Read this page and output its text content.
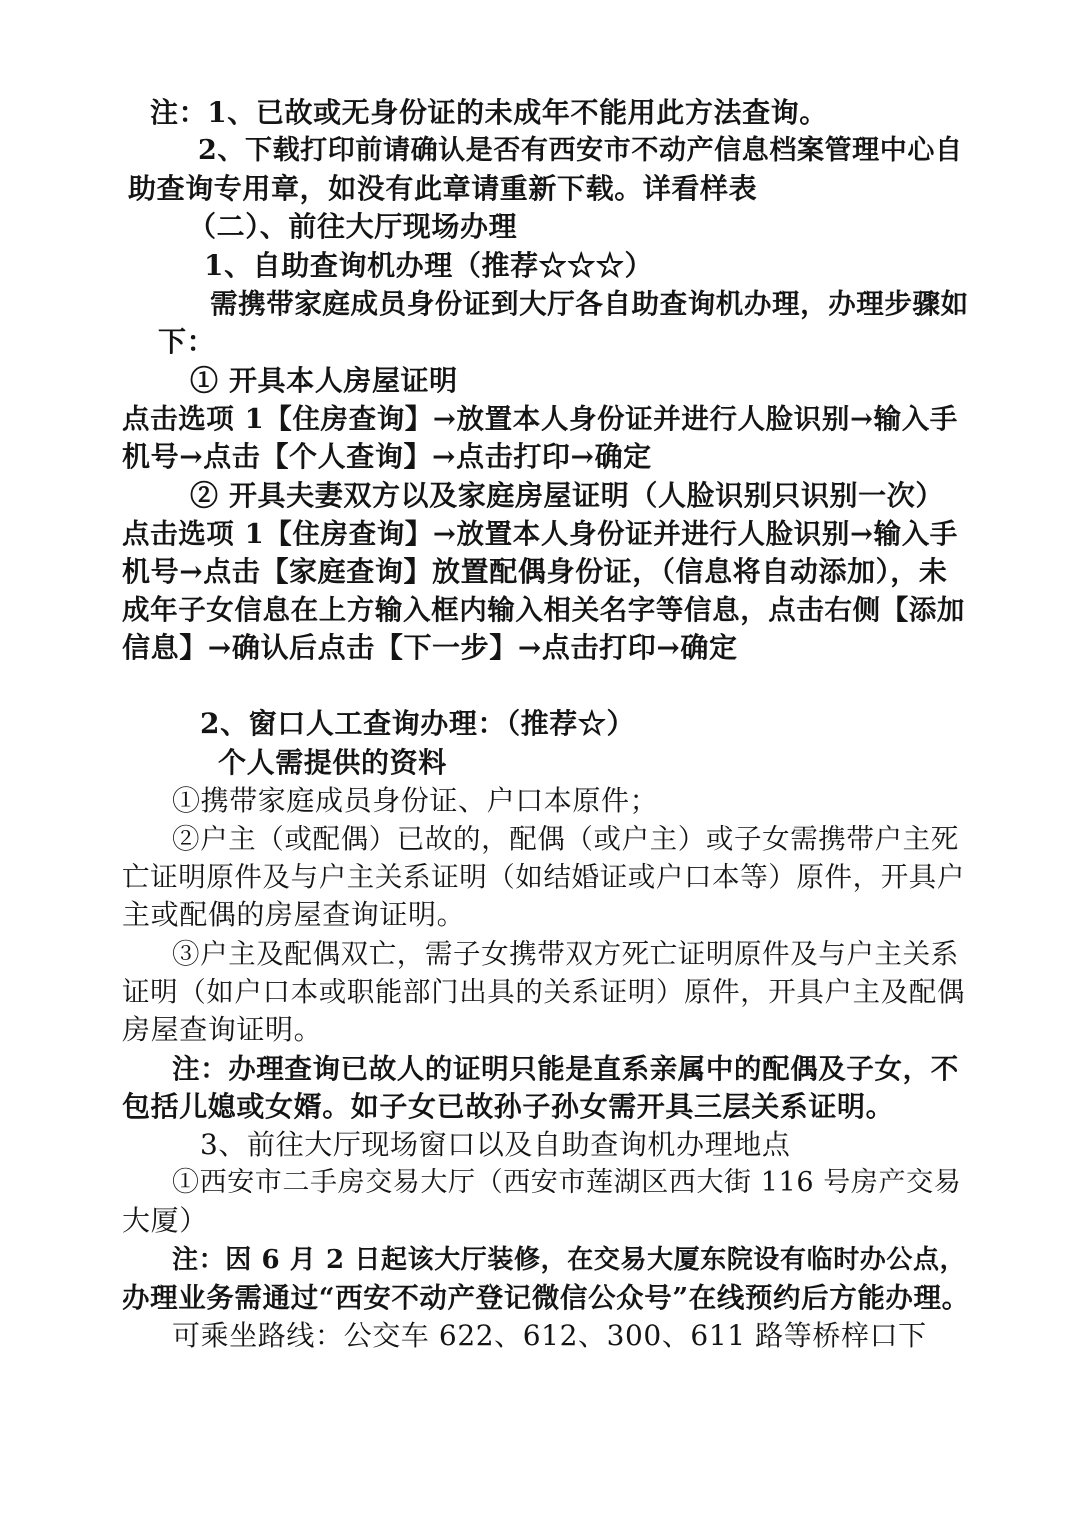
注：1、已故或无身份证的未成年不能用此方法查询。

2、下载打印前请确认是否有西安市不动产信息档案管理中心自

助查询专用章，如没有此章请重新下载。详看样表

（二）、前往大厅现场办理

1、自助查询机办理（推荐☆☆☆）

需携带家庭成员身份证到大厅各自助查询机办理，办理步骤如

下：

① 开具本人房屋证明

点击选项 1【住房查询】→放置本人身份证并进行人脸识别→输入手

机号→点击【个人查询】→点击打印→确定

② 开具夫妻双方以及家庭房屋证明（人脸识别只识别一次）

点击选项 1【住房查询】→放置本人身份证并进行人脸识别→输入手

机号→点击【家庭查询】放置配偶身份证，（信息将自动添加），未

成年子女信息在上方输入框内输入相关名字等信息，点击右侧【添加

信息】→确认后点击【下一步】→点击打印→确定

2、窗口人工查询办理：（推荐☆）

个人需提供的资料

①携带家庭成员身份证、户口本原件；

②户主（或配偶）已故的，配偶（或户主）或子女需携带户主死

亡证明原件及与户主关系证明（如结婚证或户口本等）原件，开具户

主或配偶的房屋查询证明。

③户主及配偶双亡，需子女携带双方死亡证明原件及与户主关系

证明（如户口本或职能部门出具的关系证明）原件，开具户主及配偶

房屋查询证明。

注：办理查询已故人的证明只能是直系亲属中的配偶及子女，不

包括儿媳或女婿。如子女已故孙子孙女需开具三层关系证明。

3、前往大厅现场窗口以及自助查询机办理地点

①西安市二手房交易大厅（西安市莲湖区西大街 116 号房产交易

大厦）

注：因 6 月 2 日起该大厅装修，在交易大厦东院设有临时办公点，

办理业务需通过“西安不动产登记微信公众号”在线预约后方能办理。

可乘坐路线：公交车 622、612、300、611 路等桥梓口下
